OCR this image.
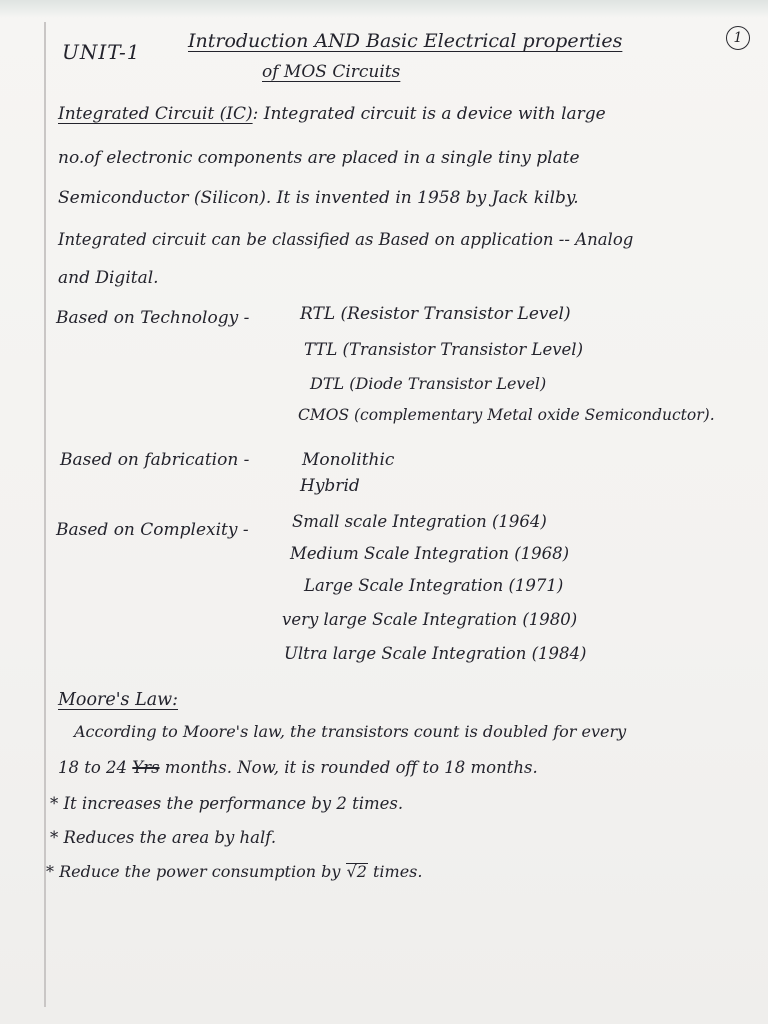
UNIT-1	Introduction AND Basic Electrical properties
of MOS Circuits
1
Integrated Circuit (IC): Integrated circuit is a device with large
no.of electronic components are placed in a single tiny plate
Semiconductor (Silicon). It is invented in 1958 by Jack kilby.
Integrated circuit can be classified as Based on application -- Analog
and Digital.
Based on Technology -	RTL (Resistor Transistor Level)
TTL (Transistor Transistor Level)
DTL (Diode Transistor Level)
CMOS (complementary Metal oxide Semiconductor).
Based on fabrication -	Monolithic
Hybrid
Based on Complexity -	Small scale Integration (1964)
Medium Scale Integration (1968)
Large Scale Integration (1971)
very large Scale Integration (1980)
Ultra large Scale Integration (1984)
Moore's Law:
According to Moore's law, the transistors count is doubled for every
18 to 24 Yrs months. Now, it is rounded off to 18 months.
* It increases the performance by 2 times.
* Reduces the area by half.
* Reduce the power consumption by √2 times.
